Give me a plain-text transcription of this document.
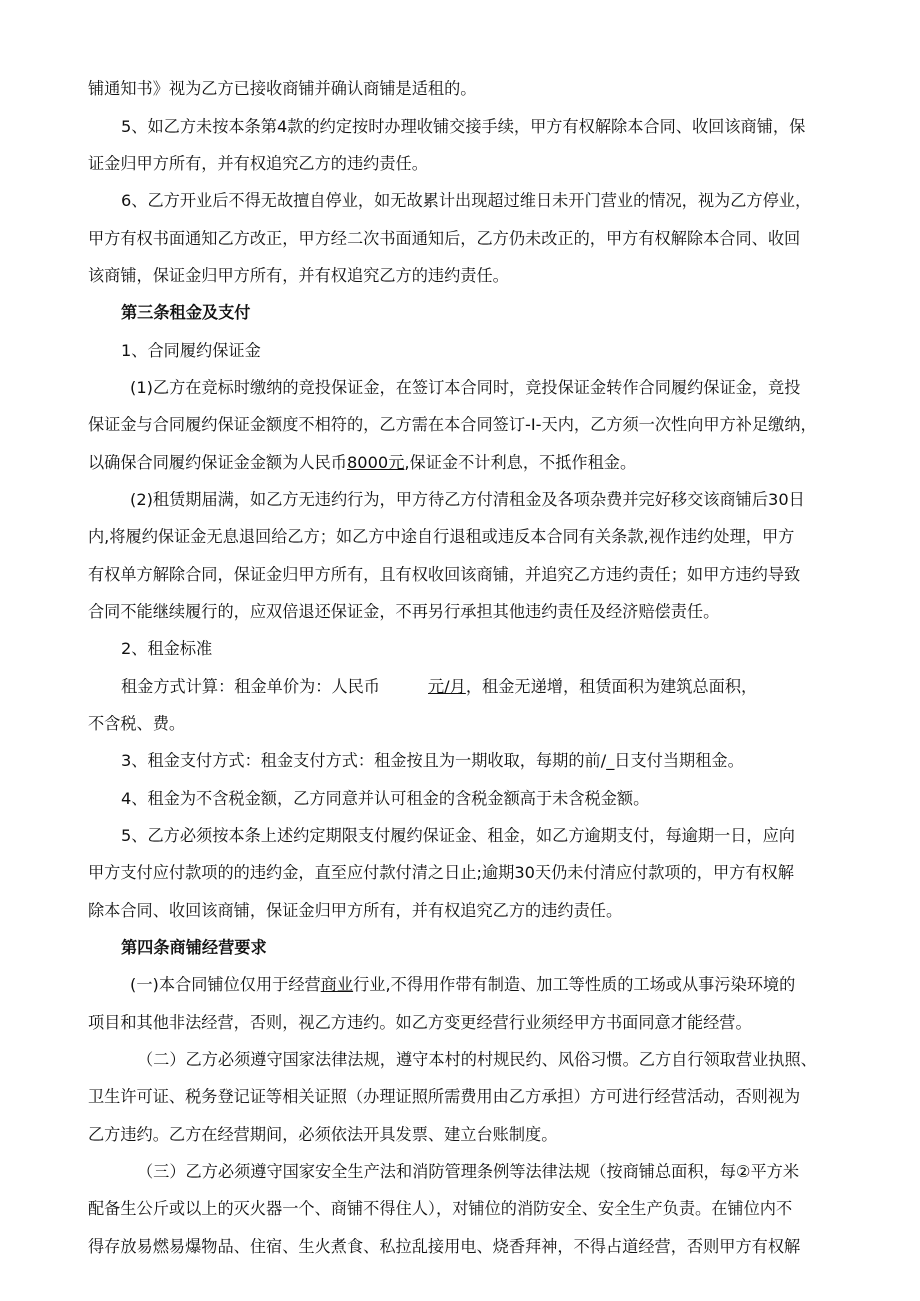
铺通知书》视为乙方已接收商铺并确认商铺是适租的。
5、如乙方未按本条第4款的约定按时办理收铺交接手续，甲方有权解除本合同、收回该商铺，保
证金归甲方所有，并有权追究乙方的违约责任。
6、乙方开业后不得无故擅自停业，如无故累计出现超过维日未开门营业的情况，视为乙方停业，
甲方有权书面通知乙方改正，甲方经二次书面通知后，乙方仍未改正的，甲方有权解除本合同、收回
该商铺，保证金归甲方所有，并有权追究乙方的违约责任。
第三条租金及支付
1、合同履约保证金
(1)乙方在竞标时缴纳的竞投保证金，在签订本合同时，竞投保证金转作合同履约保证金，竞投
保证金与合同履约保证金额度不相符的，乙方需在本合同签订-I-天内，乙方须一次性向甲方补足缴纳，
以确保合同履约保证金金额为人民币8000元,保证金不计利息，不抵作租金。
(2)租赁期届满，如乙方无违约行为，甲方待乙方付清租金及各项杂费并完好移交该商铺后30日
内,将履约保证金无息退回给乙方；如乙方中途自行退租或违反本合同有关条款,视作违约处理，甲方
有权单方解除合同，保证金归甲方所有，且有权收回该商铺，并追究乙方违约责任；如甲方违约导致
合同不能继续履行的，应双倍退还保证金，不再另行承担其他违约责任及经济赔偿责任。
2、租金标准
租金方式计算：租金单价为：人民币	元/月，租金无递增，租赁面积为建筑总面积，
不含税、费。
3、租金支付方式：租金支付方式：租金按且为一期收取，每期的前/_日支付当期租金。
4、租金为不含税金额，乙方同意并认可租金的含税金额高于未含税金额。
5、乙方必须按本条上述约定期限支付履约保证金、租金，如乙方逾期支付，每逾期一日，应向
甲方支付应付款项的的违约金，直至应付款付清之日止;逾期30天仍未付清应付款项的，甲方有权解
除本合同、收回该商铺，保证金归甲方所有，并有权追究乙方的违约责任。
第四条商铺经营要求
(一)本合同铺位仅用于经营商业行业,不得用作带有制造、加工等性质的工场或从事污染环境的
项目和其他非法经营，否则，视乙方违约。如乙方变更经营行业须经甲方书面同意才能经营。
（二）乙方必须遵守国家法律法规，遵守本村的村规民约、风俗习惯。乙方自行领取营业执照、
卫生许可证、税务登记证等相关证照（办理证照所需费用由乙方承担）方可进行经营活动，否则视为
乙方违约。乙方在经营期间，必须依法开具发票、建立台账制度。
（三）乙方必须遵守国家安全生产法和消防管理条例等法律法规（按商铺总面积，每②平方米
配备生公斤或以上的灭火器一个、商铺不得住人），对铺位的消防安全、安全生产负责。在铺位内不
得存放易燃易爆物品、住宿、生火煮食、私拉乱接用电、烧香拜神，不得占道经营，否则甲方有权解
